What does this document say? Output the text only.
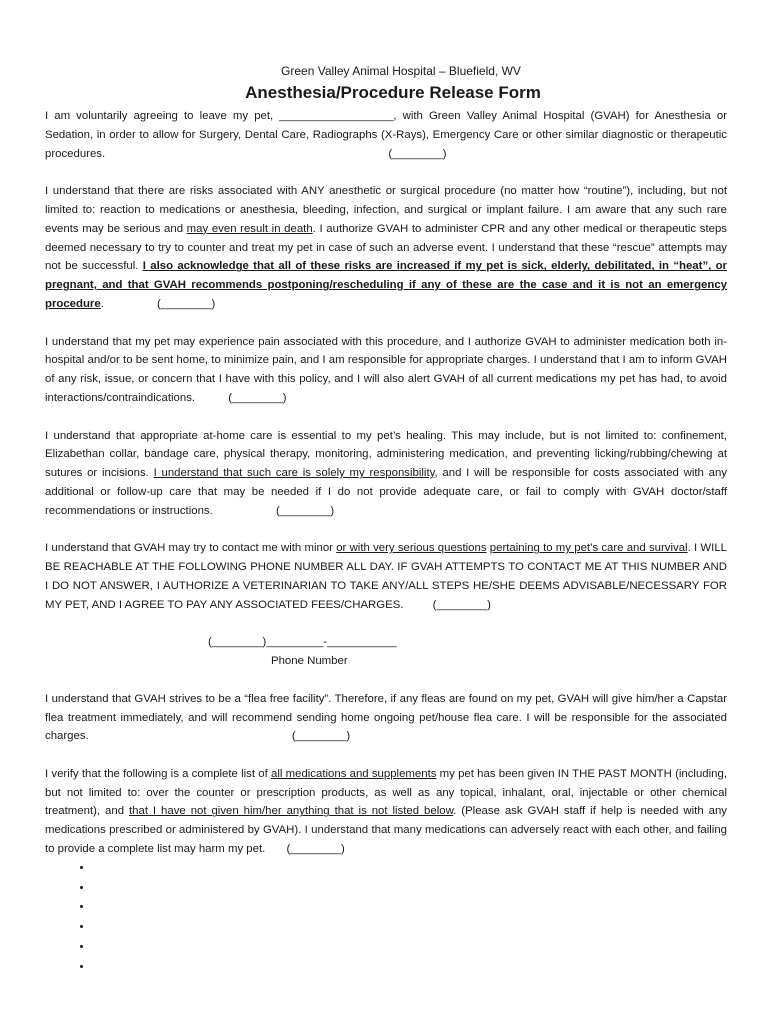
Green Valley Animal Hospital – Bluefield, WV
Anesthesia/Procedure Release Form

I am voluntarily agreeing to leave my pet, __________________, with Green Valley Animal Hospital (GVAH) for Anesthesia or Sedation, in order to allow for Surgery, Dental Care, Radiographs (X-Rays), Emergency Care or other similar diagnostic or therapeutic procedures.	(________)

I understand that there are risks associated with ANY anesthetic or surgical procedure (no matter how “routine”), including, but not limited to: reaction to medications or anesthesia, bleeding, infection, and surgical or implant failure. I am aware that any such rare events may be serious and may even result in death. I authorize GVAH to administer CPR and any other medical or therapeutic steps deemed necessary to try to counter and treat my pet in case of such an adverse event. I understand that these “rescue” attempts may not be successful. I also acknowledge that all of these risks are increased if my pet is sick, elderly, debilitated, in “heat”, or pregnant, and that GVAH recommends postponing/rescheduling if any of these are the case and it is not an emergency procedure.	(________)

I understand that my pet may experience pain associated with this procedure, and I authorize GVAH to administer medication both in-hospital and/or to be sent home, to minimize pain, and I am responsible for appropriate charges. I understand that I am to inform GVAH of any risk, issue, or concern that I have with this policy, and I will also alert GVAH of all current medications my pet has had, to avoid interactions/contraindications.	(________)

I understand that appropriate at-home care is essential to my pet’s healing. This may include, but is not limited to: confinement, Elizabethan collar, bandage care, physical therapy, monitoring, administering medication, and preventing licking/rubbing/chewing at sutures or incisions. I understand that such care is solely my responsibility, and I will be responsible for costs associated with any additional or follow-up care that may be needed if I do not provide adequate care, or fail to comply with GVAH doctor/staff recommendations or instructions.	(________)

I understand that GVAH may try to contact me with minor or with very serious questions pertaining to my pet’s care and survival. I WILL BE REACHABLE AT THE FOLLOWING PHONE NUMBER ALL DAY. IF GVAH ATTEMPTS TO CONTACT ME AT THIS NUMBER AND I DO NOT ANSWER, I AUTHORIZE A VETERINARIAN TO TAKE ANY/ALL STEPS HE/SHE DEEMS ADVISABLE/NECESSARY FOR MY PET, AND I AGREE TO PAY ANY ASSOCIATED FEES/CHARGES.	(________)

(________)_________-___________
Phone Number

I understand that GVAH strives to be a “flea free facility”. Therefore, if any fleas are found on my pet, GVAH will give him/her a Capstar flea treatment immediately, and will recommend sending home ongoing pet/house flea care. I will be responsible for the associated charges.	(________)

I verify that the following is a complete list of all medications and supplements my pet has been given IN THE PAST MONTH (including, but not limited to: over the counter or prescription products, as well as any topical, inhalant, oral, injectable or other chemical treatment), and that I have not given him/her anything that is not listed below. (Please ask GVAH staff if help is needed with any medications prescribed or administered by GVAH). I understand that many medications can adversely react with each other, and failing to provide a complete list may harm my pet. (________)

•
•
•
•
•
•
